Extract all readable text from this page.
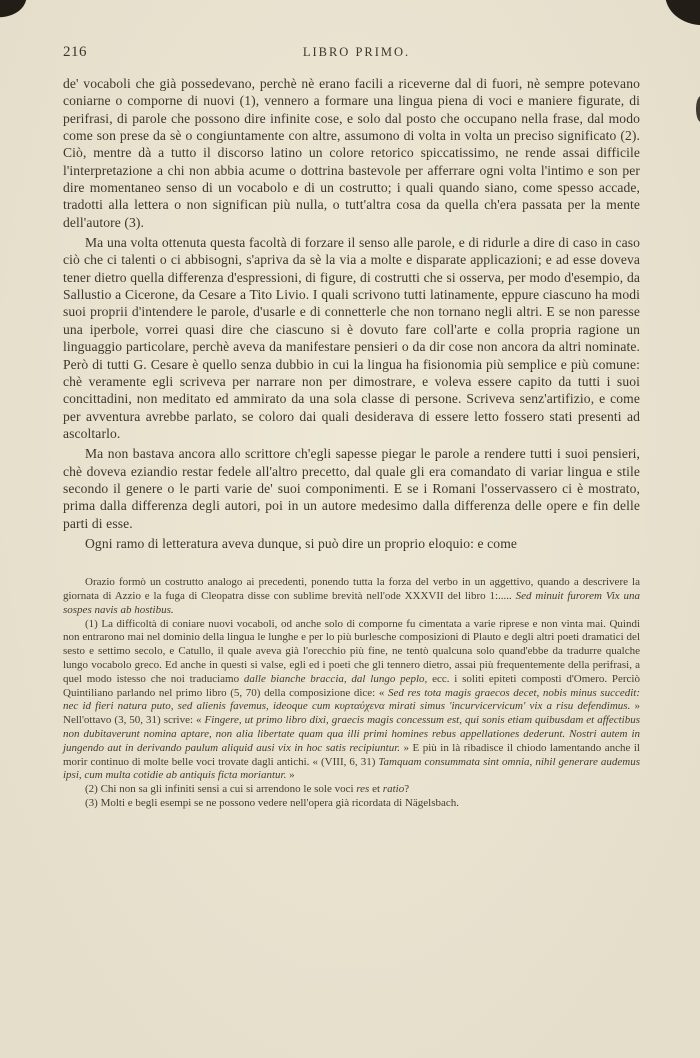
216	LIBRO PRIMO.

de' vocaboli che già possedevano, perchè nè erano facili a riceverne dal di fuori, nè sempre potevano coniarne o comporne di nuovi (1), vennero a formare una lingua piena di voci e maniere figurate, di perifrasi, di parole che possono dire infinite cose, e solo dal posto che occupano nella frase, dal modo come son prese da sè o congiuntamente con altre, assumono di volta in volta un preciso significato (2). Ciò, mentre dà a tutto il discorso latino un colore retorico spiccatissimo, ne rende assai difficile l'interpretazione a chi non abbia acume o dottrina bastevole per afferrare ogni volta l'intimo e son per dire momentaneo senso di un vocabolo e di un costrutto; i quali quando siano, come spesso accade, tradotti alla lettera o non significan più nulla, o tutt'altra cosa da quella ch'era passata per la mente dell'autore (3).

Ma una volta ottenuta questa facoltà di forzare il senso alle parole, e di ridurle a dire di caso in caso ciò che ci talenti o ci abbisogni, s'apriva da sè la via a molte e disparate applicazioni; e ad esse doveva tener dietro quella differenza d'espressioni, di figure, di costrutti che si osserva, per modo d'esempio, da Sallustio a Cicerone, da Cesare a Tito Livio. I quali scrivono tutti latinamente, eppure ciascuno ha modi suoi proprii d'intendere le parole, d'usarle e di connetterle che non tornano negli altri. E se non paresse una iperbole, vorrei quasi dire che ciascuno si è dovuto fare coll'arte e colla propria ragione un linguaggio particolare, perchè aveva da manifestare pensieri o da dir cose non ancora da altri nominate. Però di tutti G. Cesare è quello senza dubbio in cui la lingua ha fisionomia più semplice e più comune: chè veramente egli scriveva per narrare non per dimostrare, e voleva essere capito da tutti i suoi concittadini, non meditato ed ammirato da una sola classe di persone. Scriveva senz'artifizio, e come per avventura avrebbe parlato, se coloro dai quali desiderava di essere letto fossero stati presenti ad ascoltarlo.

Ma non bastava ancora allo scrittore ch'egli sapesse piegar le parole a rendere tutti i suoi pensieri, chè doveva eziandio restar fedele all'altro precetto, dal quale gli era comandato di variar lingua e stile secondo il genere o le parti varie de' suoi componimenti. E se i Romani l'osservassero ci è mostrato, prima dalla differenza degli autori, poi in un autore medesimo dalla differenza delle opere e fin delle parti di esse.

Ogni ramo di letteratura aveva dunque, si può dire un proprio eloquio: e come

Orazio formò un costrutto analogo ai precedenti, ponendo tutta la forza del verbo in un aggettivo, quando a descrivere la giornata di Azzio e la fuga di Cleopatra disse con sublime brevità nell'ode XXXVII del libro 1:..... Sed minuit furorem Vix una sospes navis ab hostibus.

(1) La difficoltà di coniare nuovi vocaboli, od anche solo di comporne fu cimentata a varie riprese e non vinta mai. Quindi non entrarono mai nel dominio della lingua le lunghe e per lo più burlesche composizioni di Plauto e degli altri poeti dramatici del sesto e settimo secolo, e Catullo, il quale aveva già l'orecchio più fine, ne tentò qualcuna solo quand'ebbe da tradurre qualche lungo vocabolo greco. Ed anche in questi si valse, egli ed i poeti che gli tennero dietro, assai più frequentemente della perifrasi, a quel modo istesso che noi traduciamo dalle bianche braccia, dal lungo peplo, ecc. i soliti epiteti composti d'Omero. Perciò Quintiliano parlando nel primo libro (5, 70) della composizione dice: « Sed res tota magis graecos decet, nobis minus succedit: nec id fieri natura puto, sed alienis favemus, ideoque cum κυρταύχενα mirati simus 'incurvicervicum' vix a risu defendimus. » Nell'ottavo (3, 50, 31) scrive: « Fingere, ut primo libro dixi, graecis magis concessum est, qui sonis etiam quibusdam et affectibus non dubitaverunt nomina aptare, non alia libertate quam qua illi primi homines rebus appellationes dederunt. Nostri autem in jungendo aut in derivando paulum aliquid ausi vix in hoc satis recipiuntur. » E più in là ribadisce il chiodo lamentando anche il morir continuo di molte belle voci trovate dagli antichi. « (VIII, 6, 31) Tamquam consummata sint omnia, nihil generare audemus ipsi, cum multa cotidie ab antiquis ficta moriantur. »

(2) Chi non sa gli infiniti sensi a cui si arrendono le sole voci res et ratio?

(3) Molti e begli esempi se ne possono vedere nell'opera già ricordata di Nägelsbach.
